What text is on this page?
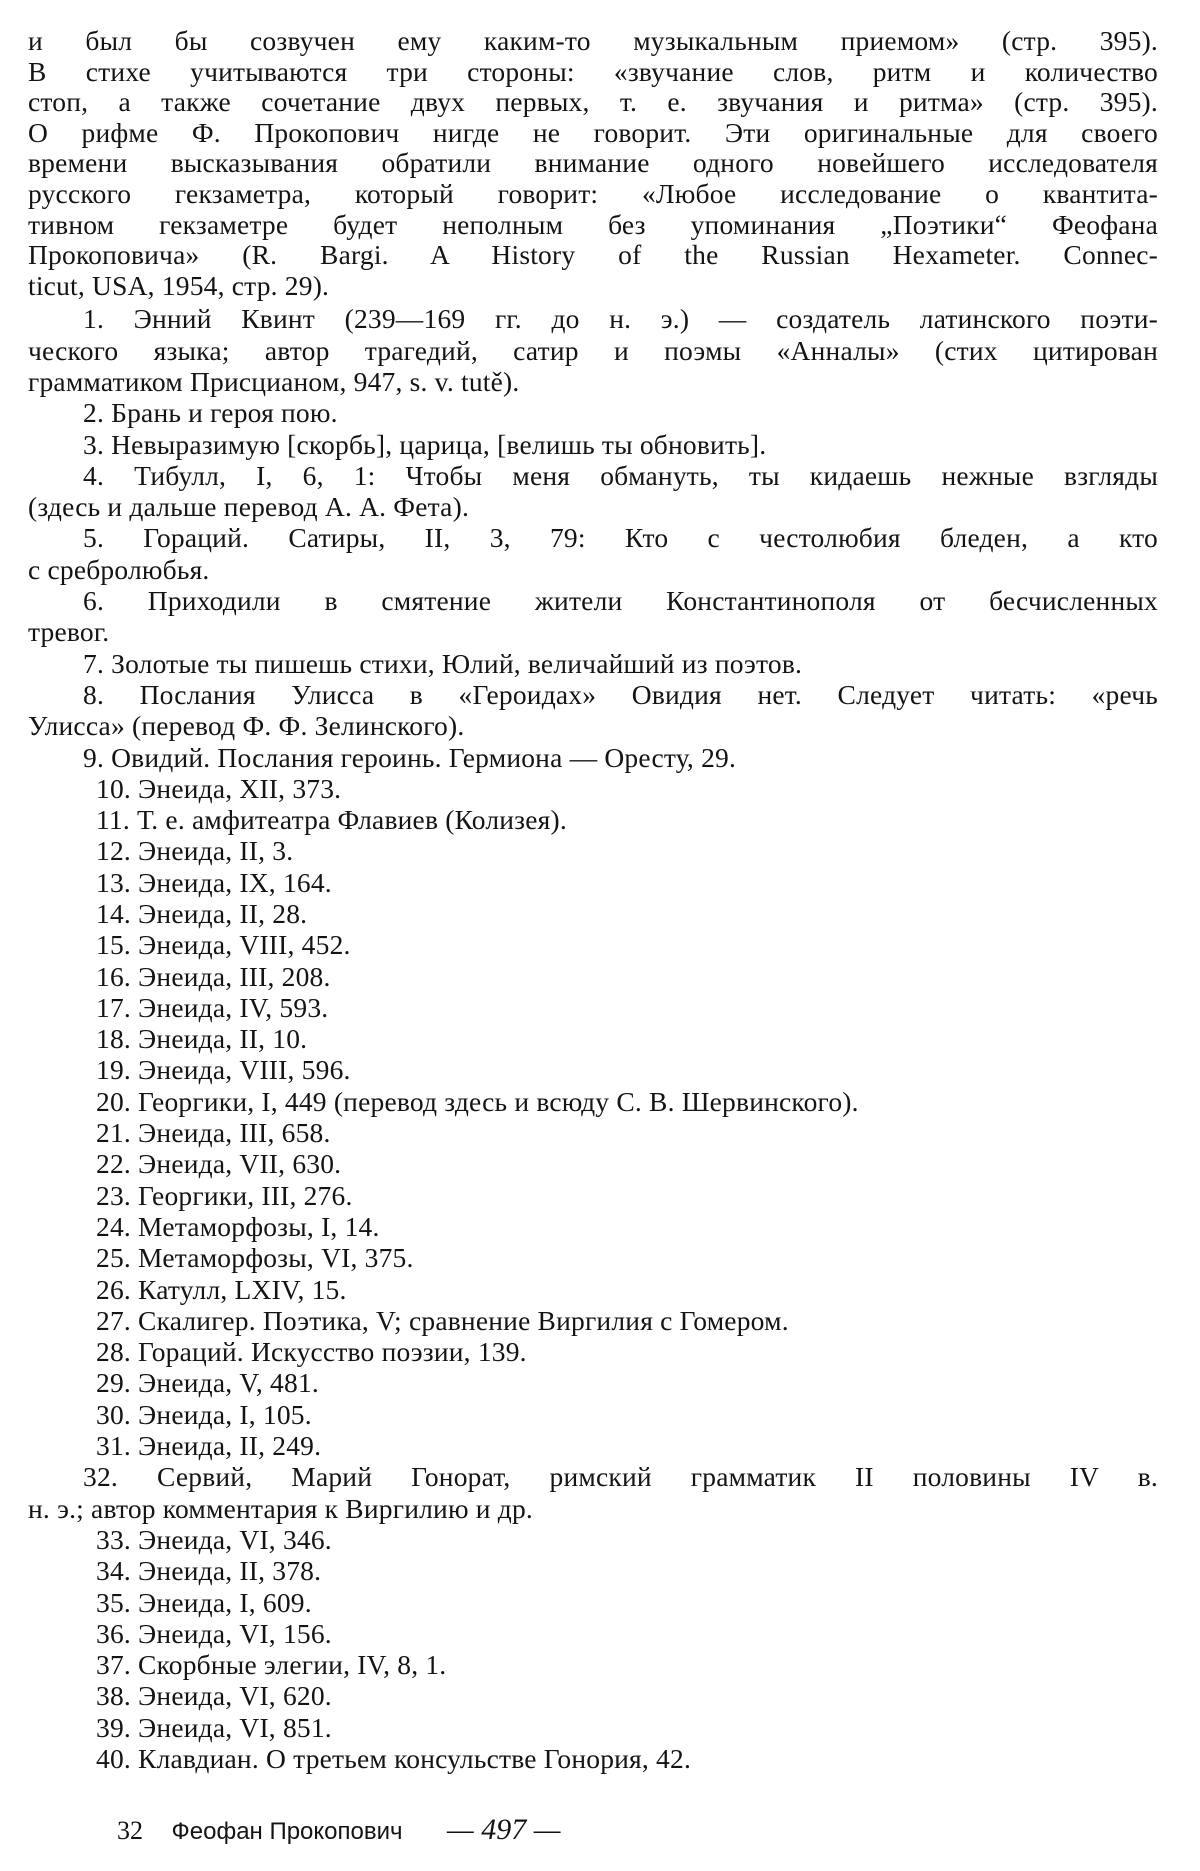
и был бы созвучен ему каким-то музыкальным приемом» (стр. 395).

В стихе учитываются три стороны: «звучание слов, ритм и количество

стоп, а также сочетание двух первых, т. е. звучания и ритма» (стр. 395).

О рифме Ф. Прокопович нигде не говорит. Эти оригинальные для своего

времени высказывания обратили внимание одного новейшего исследователя

русского гекзаметра, который говорит: «Любое исследование о квантита-

тивном гекзаметре будет неполным без упоминания „Поэтики“ Феофана

Прокоповича» (R. Bargi. A History of the Russian Hexameter. Connec-

ticut, USA, 1954, стр. 29).

1. Энний Квинт (239—169 гг. до н. э.) — создатель латинского поэти-
ческого языка; автор трагедий, сатир и поэмы «Анналы» (стих цитирован
грамматиком Присцианом, 947, s. v. tutě).
2. Брань и героя пою.
3. Невыразимую [скорбь], царица, [велишь ты обновить].
4. Тибулл, I, 6, 1: Чтобы меня обмануть, ты кидаешь нежные взгляды
(здесь и дальше перевод А. А. Фета).
5. Гораций. Сатиры, II, 3, 79: Кто с честолюбия бледен, а кто
с сребролюбья.
6. Приходили в смятение жители Константинополя от бесчисленных
тревог.
7. Золотые ты пишешь стихи, Юлий, величайший из поэтов.
8. Послания Улисса в «Героидах» Овидия нет. Следует читать: «речь
Улисса» (перевод Ф. Ф. Зелинского).
9. Овидий. Послания героинь. Гермиона — Оресту, 29.
10. Энеида, XII, 373.
11. Т. е. амфитеатра Флавиев (Колизея).
12. Энеида, II, 3.
13. Энеида, IX, 164.
14. Энеида, II, 28.
15. Энеида, VIII, 452.
16. Энеида, III, 208.
17. Энеида, IV, 593.
18. Энеида, II, 10.
19. Энеида, VIII, 596.
20. Георгики, I, 449 (перевод здесь и всюду С. В. Шервинского).
21. Энеида, III, 658.
22. Энеида, VII, 630.
23. Георгики, III, 276.
24. Метаморфозы, I, 14.
25. Метаморфозы, VI, 375.
26. Катулл, LXIV, 15.
27. Скалигер. Поэтика, V; сравнение Виргилия с Гомером.
28. Гораций. Искусство поэзии, 139.
29. Энеида, V, 481.
30. Энеида, I, 105.
31. Энеида, II, 249.
32. Сервий, Марий Гонорат, римский грамматик II половины IV в.
н. э.; автор комментария к Виргилию и др.
33. Энеида, VI, 346.
34. Энеида, II, 378.
35. Энеида, I, 609.
36. Энеида, VI, 156.
37. Скорбные элегии, IV, 8, 1.
38. Энеида, VI, 620.
39. Энеида, VI, 851.
40. Клавдиан. О третьем консульстве Гонория, 42.
32 Феофан Прокопович — 497 —
